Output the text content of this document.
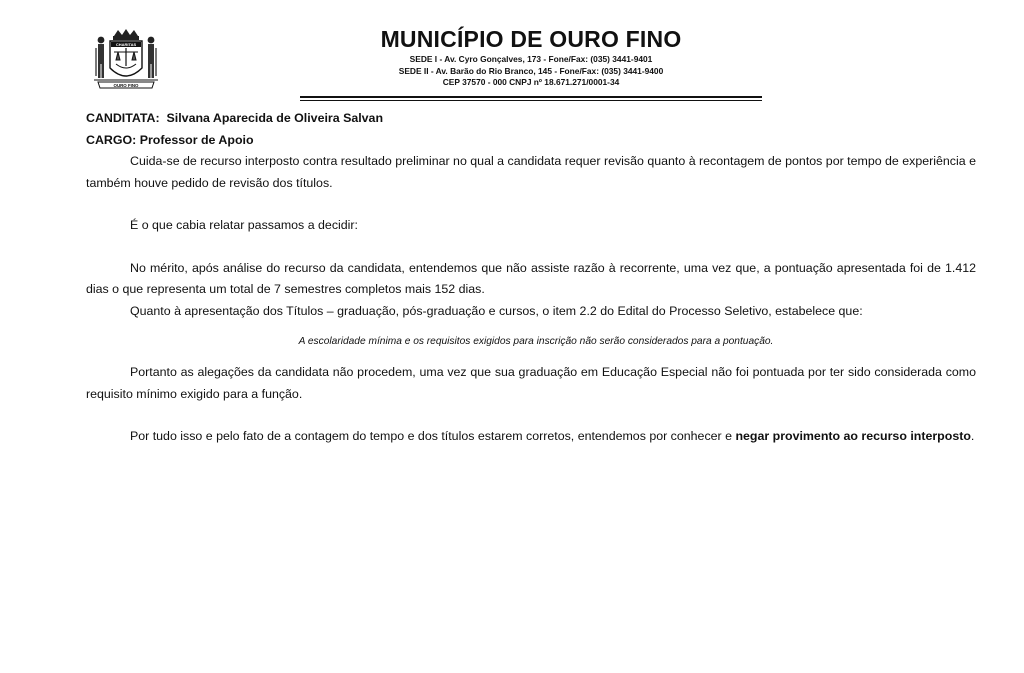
CHARITAS
OURO FINO
MUNICÍPIO DE OURO FINO
SEDE I - Av. Cyro Gonçalves, 173 - Fone/Fax: (035) 3441-9401
SEDE II - Av. Barão do Rio Branco, 145 - Fone/Fax: (035) 3441-9400
CEP 37570 - 000 CNPJ nº 18.671.271/0001-34

CANDITATA: Silvana Aparecida de Oliveira Salvan

CARGO: Professor de Apoio

Cuida-se de recurso interposto contra resultado preliminar no qual a candidata requer revisão quanto à recontagem de pontos por tempo de experiência e também houve pedido de revisão dos títulos.

É o que cabia relatar passamos a decidir:

No mérito, após análise do recurso da candidata, entendemos que não assiste razão à recorrente, uma vez que, a pontuação apresentada foi de 1.412 dias o que representa um total de 7 semestres completos mais 152 dias.

Quanto à apresentação dos Títulos – graduação, pós-graduação e cursos, o item 2.2 do Edital do Processo Seletivo, estabelece que:

A escolaridade mínima e os requisitos exigidos para inscrição não serão considerados para a pontuação.

Portanto as alegações da candidata não procedem, uma vez que sua graduação em Educação Especial não foi pontuada por ter sido considerada como requisito mínimo exigido para a função.

Por tudo isso e pelo fato de a contagem do tempo e dos títulos estarem corretos, entendemos por conhecer e negar provimento ao recurso interposto.
